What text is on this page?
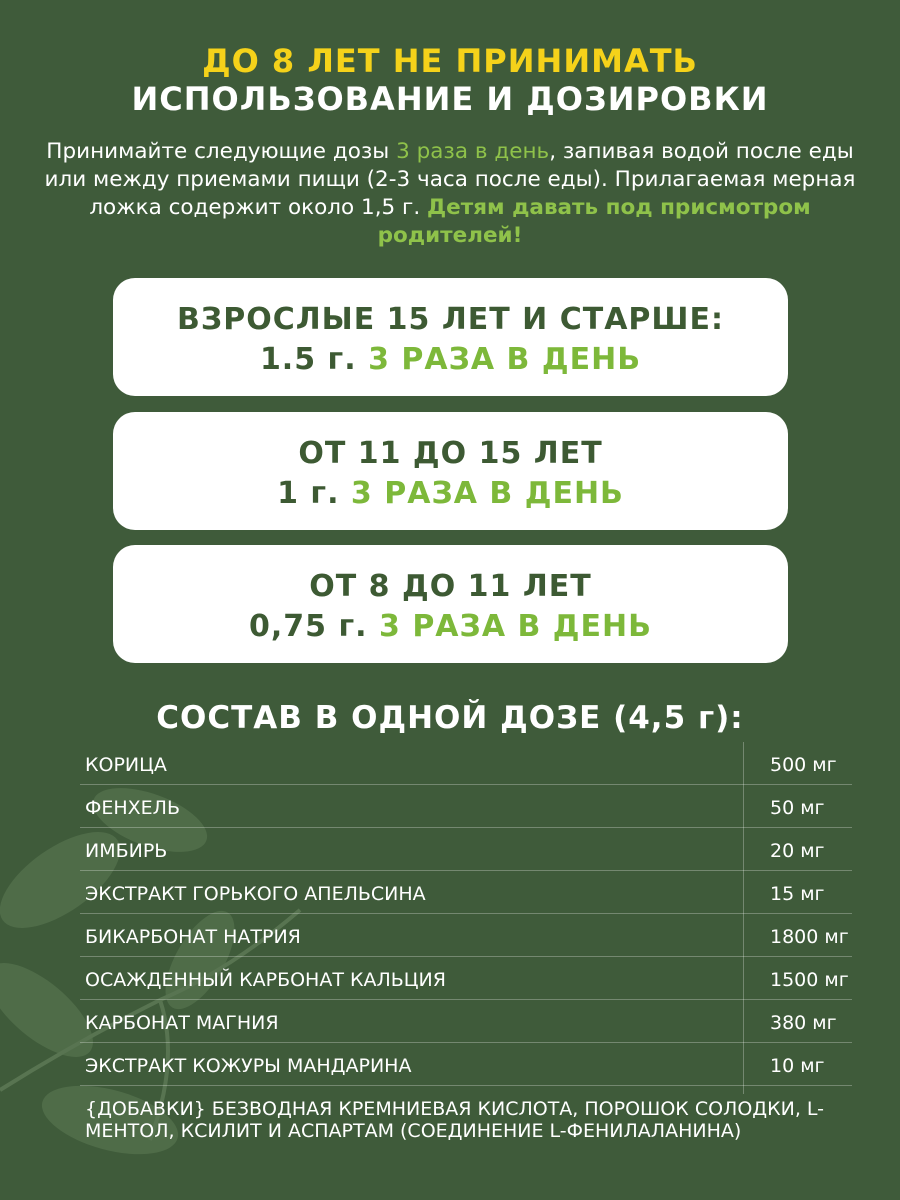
ДО 8 ЛЕТ НЕ ПРИНИМАТЬ
ИСПОЛЬЗОВАНИЕ И ДОЗИРОВКИ
Принимайте следующие дозы 3 раза в день, запивая водой после еды или между приемами пищи (2-3 часа после еды). Прилагаемая мерная ложка содержит около 1,5 г. Детям давать под присмотром родителей!
ВЗРОСЛЫЕ 15 ЛЕТ И СТАРШЕ:
1.5 г. 3 РАЗА В ДЕНЬ
ОТ 11 ДО 15 ЛЕТ
1 г. 3 РАЗА В ДЕНЬ
ОТ 8 ДО 11 ЛЕТ
0,75 г. 3 РАЗА В ДЕНЬ
СОСТАВ В ОДНОЙ ДОЗЕ (4,5 г):
КОРИЦА	500 мг
ФЕНХЕЛЬ	50 мг
ИМБИРЬ	20 мг
ЭКСТРАКТ ГОРЬКОГО АПЕЛЬСИНА	15 мг
БИКАРБОНАТ НАТРИЯ	1800 мг
ОСАЖДЕННЫЙ КАРБОНАТ КАЛЬЦИЯ	1500 мг
КАРБОНАТ МАГНИЯ	380 мг
ЭКСТРАКТ КОЖУРЫ МАНДАРИНА	10 мг
{ДОБАВКИ} БЕЗВОДНАЯ КРЕМНИЕВАЯ КИСЛОТА, ПОРОШОК СОЛОДКИ, L-МЕНТОЛ, КСИЛИТ И АСПАРТАМ (СОЕДИНЕНИЕ L-ФЕНИЛАЛАНИНА)
